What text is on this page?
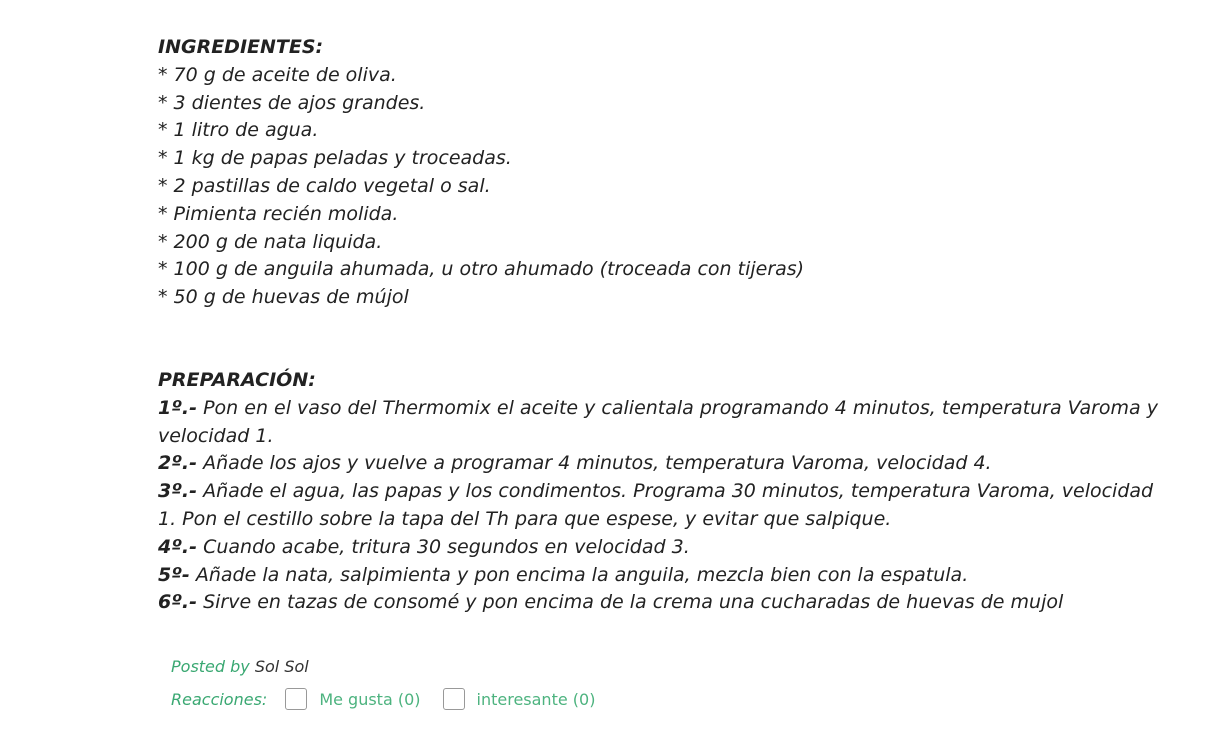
INGREDIENTES:
* 70 g de aceite de oliva.
* 3 dientes de ajos grandes.
* 1 litro de agua.
* 1 kg de papas peladas y troceadas.
* 2 pastillas de caldo vegetal o sal.
* Pimienta recién molida.
* 200 g de nata liquida.
* 100 g de anguila ahumada, u otro ahumado (troceada con tijeras)
* 50 g de huevas de mújol
PREPARACIÓN:
1º.- Pon en el vaso del Thermomix el aceite y calientala programando 4 minutos, temperatura Varoma y velocidad 1.
2º.- Añade los ajos y vuelve a programar 4 minutos, temperatura Varoma, velocidad 4.
3º.- Añade el agua, las papas y los condimentos. Programa 30 minutos, temperatura Varoma, velocidad 1. Pon el cestillo sobre la tapa del Th para que espese, y evitar que salpique.
4º.- Cuando acabe, tritura 30 segundos en velocidad 3.
5º- Añade la nata, salpimienta y pon encima la anguila, mezcla bien con la espatula.
6º.- Sirve en tazas de consomé y pon encima de la crema una cucharadas de huevas de mujol
Posted by Sol Sol
Reacciones:	Me gusta (0)	interesante (0)
